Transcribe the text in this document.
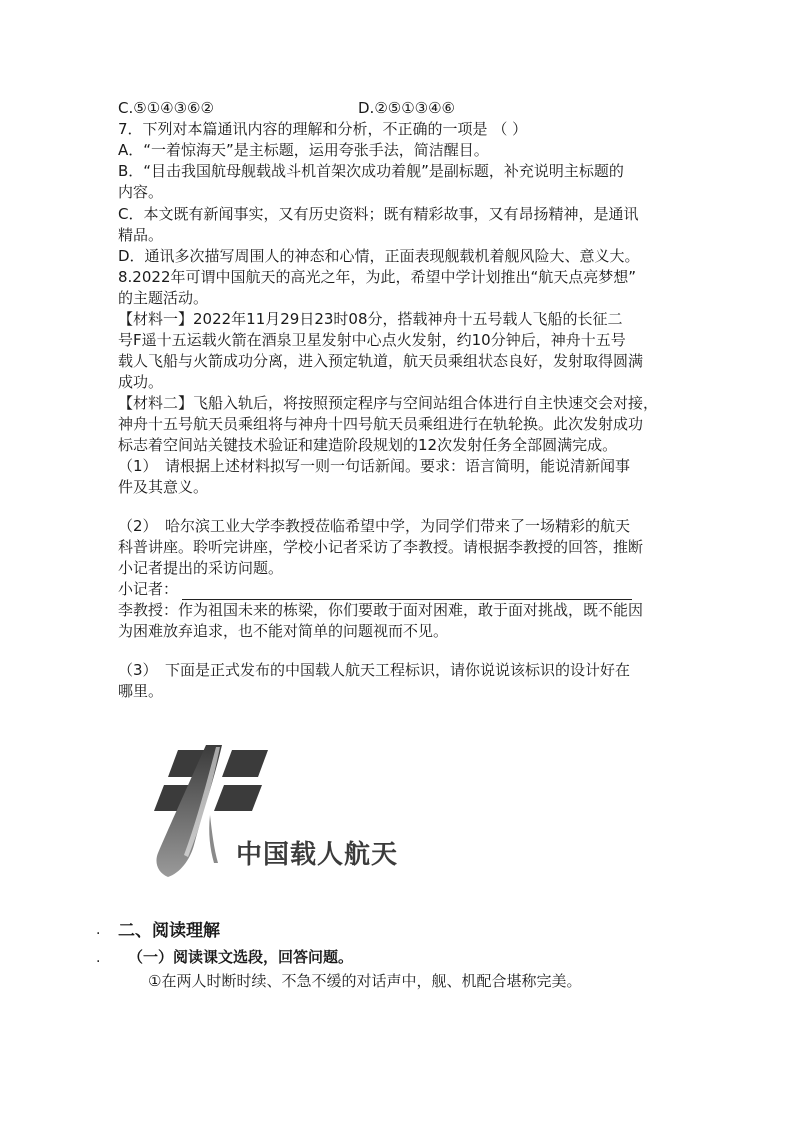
C.⑤①④③⑥②	D.②⑤①③④⑥
7．下列对本篇通讯内容的理解和分析，不正确的一项是 （ ）
A．“一着惊海天”是主标题，运用夸张手法，简洁醒目。
B．“目击我国航母舰载战斗机首架次成功着舰”是副标题，补充说明主标题的
内容。
C．本文既有新闻事实，又有历史资料；既有精彩故事，又有昂扬精神，是通讯
精品。
D．通讯多次描写周围人的神态和心情，正面表现舰载机着舰风险大、意义大。
8.2022年可谓中国航天的高光之年，为此，希望中学计划推出“航天点亮梦想”
的主题活动。
【材料一】2022年11月29日23时08分，搭载神舟十五号载人飞船的长征二
号F遥十五运载火箭在酒泉卫星发射中心点火发射，约10分钟后，神舟十五号
载人飞船与火箭成功分离，进入预定轨道，航天员乘组状态良好，发射取得圆满
成功。
【材料二】飞船入轨后，将按照预定程序与空间站组合体进行自主快速交会对接，
神舟十五号航天员乘组将与神舟十四号航天员乘组进行在轨轮换。此次发射成功
标志着空间站关键技术验证和建造阶段规划的12次发射任务全部圆满完成。
（1）　请根据上述材料拟写一则一句话新闻。要求：语言简明，能说清新闻事
件及其意义。
（2）　哈尔滨工业大学李教授莅临希望中学，为同学们带来了一场精彩的航天
科普讲座。聆听完讲座，学校小记者采访了李教授。请根据李教授的回答，推断
小记者提出的采访问题。
小记者：
李教授：作为祖国未来的栋梁，你们要敢于面对困难，敢于面对挑战，既不能因
为困难放弃追求，也不能对简单的问题视而不见。
（3）　下面是正式发布的中国载人航天工程标识，请你说说该标识的设计好在
哪里。
中国载人航天
. 二、阅读理解
. （一）阅读课文选段，回答问题。
①在两人时断时续、不急不缓的对话声中，舰、机配合堪称完美。
